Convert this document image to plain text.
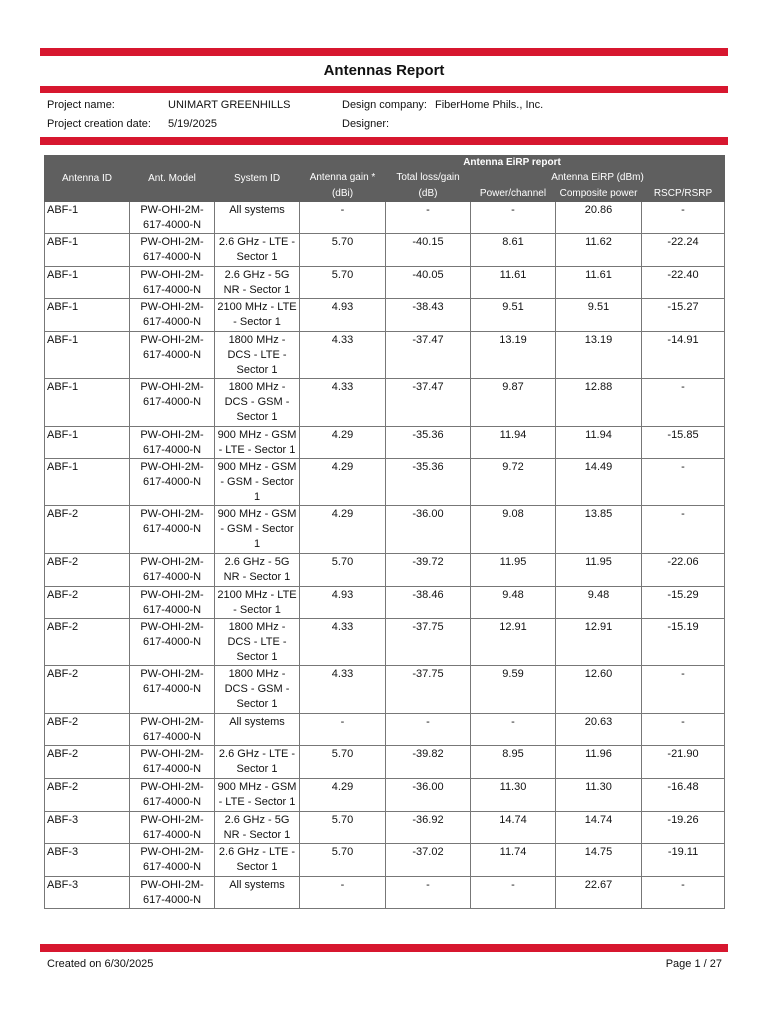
Antennas Report
Project name:	UNIMART GREENHILLS
Project creation date: 5/19/2025
Design company: FiberHome Phils., Inc.
Designer:
Antenna ID	Ant. Model	System ID	Antenna EiRP report				
			Antenna gain *	Total loss/gain	Antenna EiRP (dBm)		
			(dBi)	(dB)	Power/channel	Composite power	RSCP/RSRP
ABF-1	PW-OHI-2M-617-4000-N	All systems	-	-	-	20.86	-
ABF-1	PW-OHI-2M-617-4000-N	2.6 GHz - LTE - Sector 1	5.70	-40.15	8.61	11.62	-22.24
ABF-1	PW-OHI-2M-617-4000-N	2.6 GHz - 5G NR - Sector 1	5.70	-40.05	11.61	11.61	-22.40
ABF-1	PW-OHI-2M-617-4000-N	2100 MHz - LTE - Sector 1	4.93	-38.43	9.51	9.51	-15.27
ABF-1	PW-OHI-2M-617-4000-N	1800 MHz - DCS - LTE - Sector 1	4.33	-37.47	13.19	13.19	-14.91
ABF-1	PW-OHI-2M-617-4000-N	1800 MHz - DCS - GSM - Sector 1	4.33	-37.47	9.87	12.88	-
ABF-1	PW-OHI-2M-617-4000-N	900 MHz - GSM - LTE - Sector 1	4.29	-35.36	11.94	11.94	-15.85
ABF-1	PW-OHI-2M-617-4000-N	900 MHz - GSM - GSM - Sector 1	4.29	-35.36	9.72	14.49	-
ABF-2	PW-OHI-2M-617-4000-N	900 MHz - GSM - GSM - Sector 1	4.29	-36.00	9.08	13.85	-
ABF-2	PW-OHI-2M-617-4000-N	2.6 GHz - 5G NR - Sector 1	5.70	-39.72	11.95	11.95	-22.06
ABF-2	PW-OHI-2M-617-4000-N	2100 MHz - LTE - Sector 1	4.93	-38.46	9.48	9.48	-15.29
ABF-2	PW-OHI-2M-617-4000-N	1800 MHz - DCS - LTE - Sector 1	4.33	-37.75	12.91	12.91	-15.19
ABF-2	PW-OHI-2M-617-4000-N	1800 MHz - DCS - GSM - Sector 1	4.33	-37.75	9.59	12.60	-
ABF-2	PW-OHI-2M-617-4000-N	All systems	-	-	-	20.63	-
ABF-2	PW-OHI-2M-617-4000-N	2.6 GHz - LTE - Sector 1	5.70	-39.82	8.95	11.96	-21.90
ABF-2	PW-OHI-2M-617-4000-N	900 MHz - GSM - LTE - Sector 1	4.29	-36.00	11.30	11.30	-16.48
ABF-3	PW-OHI-2M-617-4000-N	2.6 GHz - 5G NR - Sector 1	5.70	-36.92	14.74	14.74	-19.26
ABF-3	PW-OHI-2M-617-4000-N	2.6 GHz - LTE - Sector 1	5.70	-37.02	11.74	14.75	-19.11
ABF-3	PW-OHI-2M-617-4000-N	All systems	-	-	-	22.67	-
Created on 6/30/2025	Page 1 / 27
